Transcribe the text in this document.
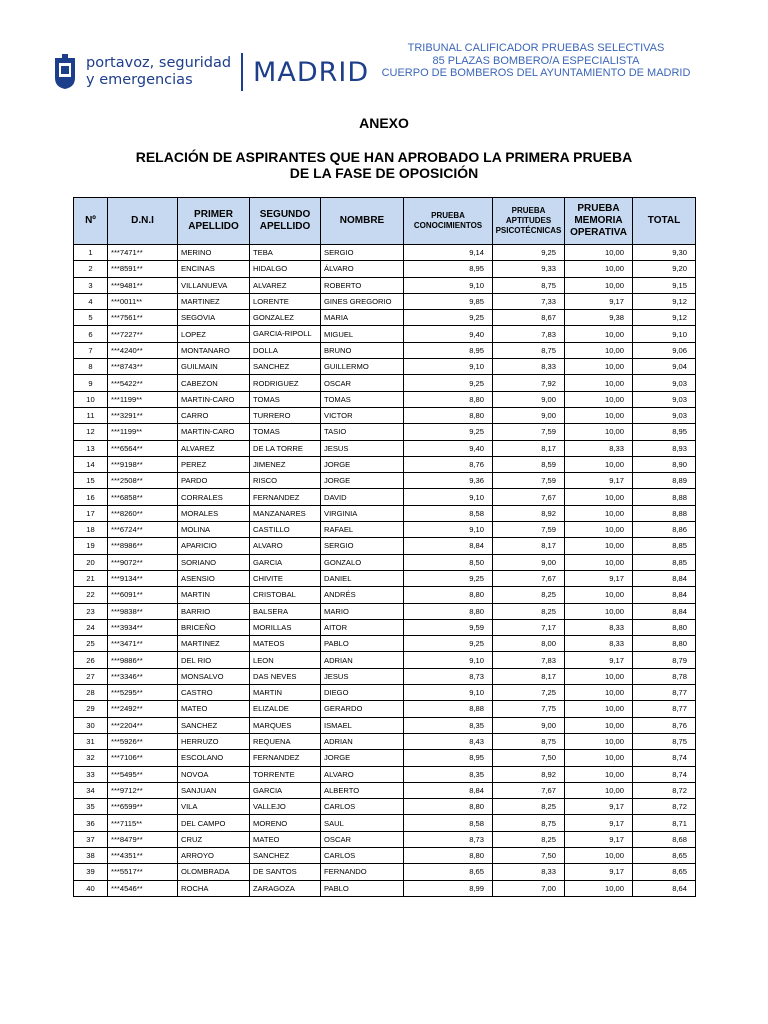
portavoz, seguridad
y emergencias	MADRID
TRIBUNAL CALIFICADOR PRUEBAS SELECTIVAS
85 PLAZAS BOMBERO/A ESPECIALISTA
CUERPO DE BOMBEROS DEL AYUNTAMIENTO DE MADRID
ANEXO
RELACIÓN DE ASPIRANTES QUE HAN APROBADO LA PRIMERA PRUEBA
DE LA FASE DE OPOSICIÓN
Nº	D.N.I	PRIMER APELLIDO	SEGUNDO APELLIDO	NOMBRE	PRUEBA CONOCIMIENTOS	PRUEBA APTITUDES PSICOTÉCNICAS	PRUEBA MEMORIA OPERATIVA	TOTAL
1	***7471**	MERINO	TEBA	SERGIO	9,14	9,25	10,00	9,30
2	***8591**	ENCINAS	HIDALGO	ÁLVARO	8,95	9,33	10,00	9,20
3	***9481**	VILLANUEVA	ALVAREZ	ROBERTO	9,10	8,75	10,00	9,15
4	***0011**	MARTINEZ	LORENTE	GINES GREGORIO	9,85	7,33	9,17	9,12
5	***7561**	SEGOVIA	GONZALEZ	MARIA	9,25	8,67	9,38	9,12
6	***7227**	LOPEZ	GARCIA-RIPOLL	MIGUEL	9,40	7,83	10,00	9,10
7	***4240**	MONTANARO	DOLLA	BRUNO	8,95	8,75	10,00	9,06
8	***8743**	GUILMAIN	SANCHEZ	GUILLERMO	9,10	8,33	10,00	9,04
9	***5422**	CABEZON	RODRIGUEZ	OSCAR	9,25	7,92	10,00	9,03
10	***1199**	MARTIN-CARO	TOMAS	TOMAS	8,80	9,00	10,00	9,03
11	***3291**	CARRO	TURRERO	VICTOR	8,80	9,00	10,00	9,03
12	***1199**	MARTIN-CARO	TOMAS	TASIO	9,25	7,59	10,00	8,95
13	***6564**	ALVAREZ	DE LA TORRE	JESUS	9,40	8,17	8,33	8,93
14	***9198**	PEREZ	JIMENEZ	JORGE	8,76	8,59	10,00	8,90
15	***2508**	PARDO	RISCO	JORGE	9,36	7,59	9,17	8,89
16	***6858**	CORRALES	FERNANDEZ	DAVID	9,10	7,67	10,00	8,88
17	***8260**	MORALES	MANZANARES	VIRGINIA	8,58	8,92	10,00	8,88
18	***6724**	MOLINA	CASTILLO	RAFAEL	9,10	7,59	10,00	8,86
19	***8986**	APARICIO	ALVARO	SERGIO	8,84	8,17	10,00	8,85
20	***9072**	SORIANO	GARCIA	GONZALO	8,50	9,00	10,00	8,85
21	***9134**	ASENSIO	CHIVITE	DANIEL	9,25	7,67	9,17	8,84
22	***6091**	MARTIN	CRISTOBAL	ANDRÉS	8,80	8,25	10,00	8,84
23	***9838**	BARRIO	BALSERA	MARIO	8,80	8,25	10,00	8,84
24	***3934**	BRICEÑO	MORILLAS	AITOR	9,59	7,17	8,33	8,80
25	***3471**	MARTINEZ	MATEOS	PABLO	9,25	8,00	8,33	8,80
26	***9886**	DEL RIO	LEON	ADRIAN	9,10	7,83	9,17	8,79
27	***3346**	MONSALVO	DAS NEVES	JESUS	8,73	8,17	10,00	8,78
28	***5295**	CASTRO	MARTIN	DIEGO	9,10	7,25	10,00	8,77
29	***2492**	MATEO	ELIZALDE	GERARDO	8,88	7,75	10,00	8,77
30	***2204**	SANCHEZ	MARQUES	ISMAEL	8,35	9,00	10,00	8,76
31	***5926**	HERRUZO	REQUENA	ADRIAN	8,43	8,75	10,00	8,75
32	***7106**	ESCOLANO	FERNANDEZ	JORGE	8,95	7,50	10,00	8,74
33	***5495**	NOVOA	TORRENTE	ALVARO	8,35	8,92	10,00	8,74
34	***9712**	SANJUAN	GARCIA	ALBERTO	8,84	7,67	10,00	8,72
35	***6599**	VILA	VALLEJO	CARLOS	8,80	8,25	9,17	8,72
36	***7115**	DEL CAMPO	MORENO	SAUL	8,58	8,75	9,17	8,71
37	***8479**	CRUZ	MATEO	OSCAR	8,73	8,25	9,17	8,68
38	***4351**	ARROYO	SANCHEZ	CARLOS	8,80	7,50	10,00	8,65
39	***5517**	OLOMBRADA	DE SANTOS	FERNANDO	8,65	8,33	9,17	8,65
40	***4546**	ROCHA	ZARAGOZA	PABLO	8,99	7,00	10,00	8,64
